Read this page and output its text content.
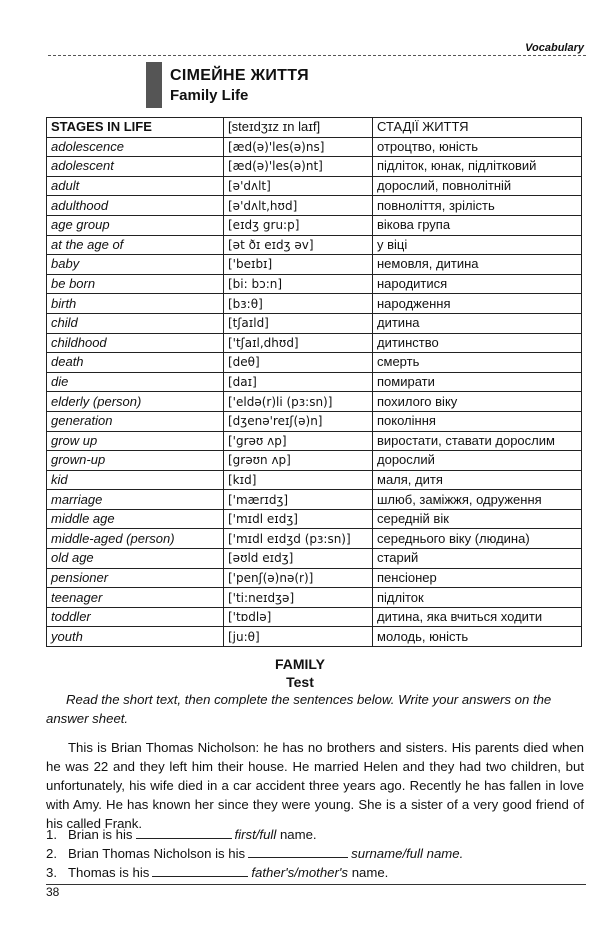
Vocabulary
СІМЕЙНЕ ЖИТТЯ
Family Life
STAGES IN LIFE	[steɪdʒɪz ɪn laɪf]	СТАДІЇ ЖИТТЯ
adolescence	[æd(ə)'les(ə)ns]	отроцтво, юність
adolescent	[æd(ə)'les(ə)nt]	підліток, юнак, підлітковий
adult	[ə'dʌlt]	дорослий, повнолітній
adulthood	[ə'dʌlt,hʊd]	повноліття, зрілість
age group	[eɪdʒ gru:p]	вікова група
at the age of	[ət ðɪ eɪdʒ əv]	у віці
baby	['beɪbɪ]	немовля, дитина
be born	[bi: bɔ:n]	народитися
birth	[bɜ:θ]	народження
child	[tʃaɪld]	дитина
childhood	['tʃaɪl,dhʊd]	дитинство
death	[deθ]	смерть
die	[daɪ]	помирати
elderly (person)	['eldə(r)li (pɜ:sn)]	похилого віку
generation	[dʒenə'reɪʃ(ə)n]	покоління
grow up	['grəʊ ʌp]	виростати, ставати дорослим
grown-up	[grəʊn ʌp]	дорослий
kid	[kɪd]	маля, дитя
marriage	['mærɪdʒ]	шлюб, заміжжя, одруження
middle age	['mɪdl eɪdʒ]	середній вік
middle-aged (person)	['mɪdl eɪdʒd (pɜ:sn)]	середнього віку (людина)
old age	[əʊld eɪdʒ]	старий
pensioner	['penʃ(ə)nə(r)]	пенсіонер
teenager	['ti:neɪdʒə]	підліток
toddler	['tɒdlə]	дитина, яка вчиться ходити
youth	[ju:θ]	молодь, юність
FAMILY
Test
Read the short text, then complete the sentences below. Write your answers on the answer sheet.
This is Brian Thomas Nicholson: he has no brothers and sisters. His parents died when he was 22 and they left him their house. He married Helen and they had two children, but unfortunately, his wife died in a car accident three years ago. Recently he has fallen in love with Amy. He has known her since they were young. She is a sister of a very good friend of his called Frank.
1. Brian is his	first/full
name.
2. Brian Thomas Nicholson is his	surname/full name.
3. Thomas is his	father's/mother's
name.
38
